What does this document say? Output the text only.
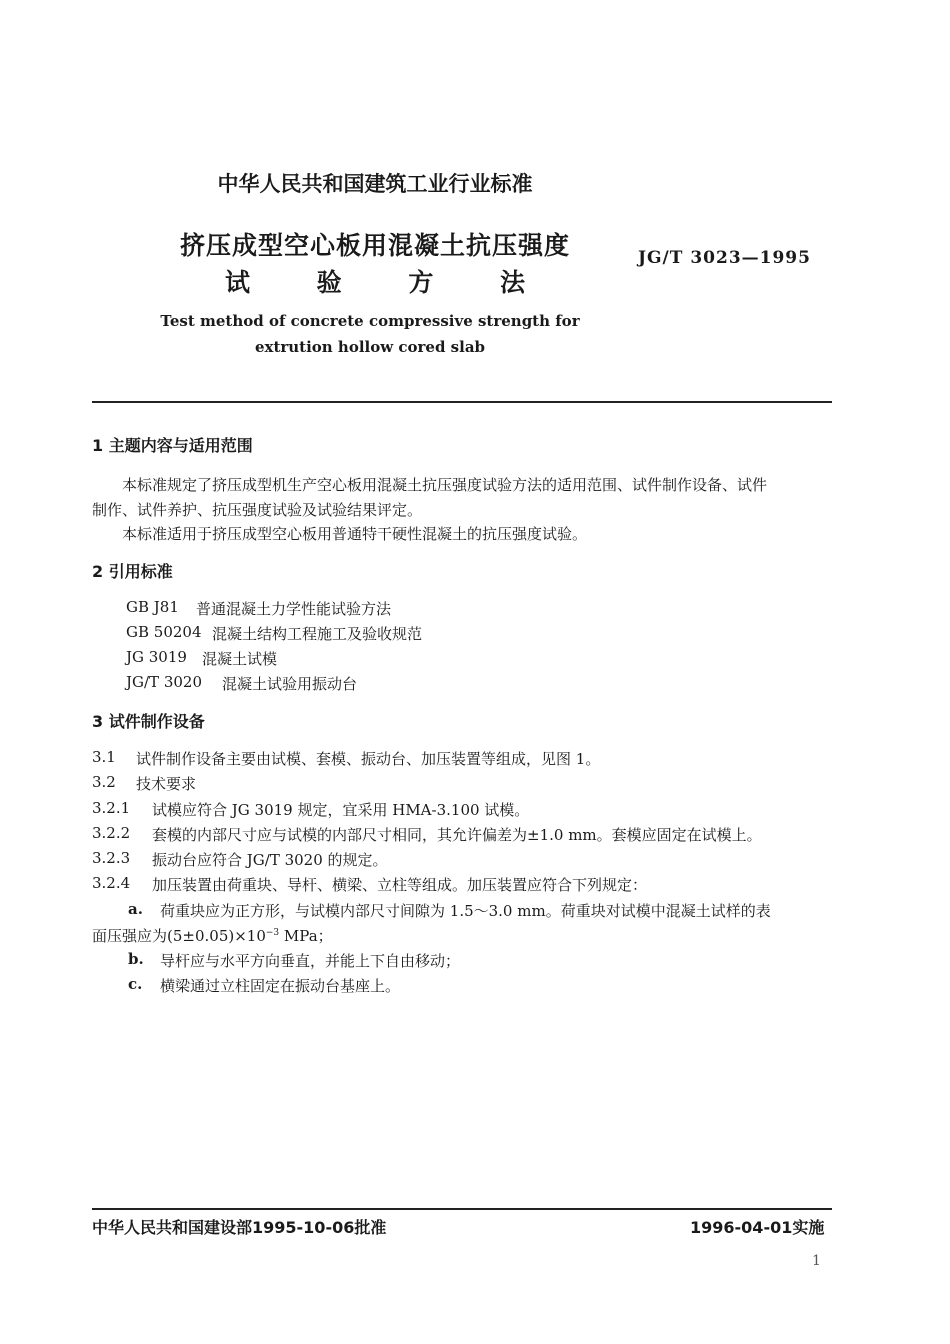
中华人民共和国建筑工业行业标准
挤压成型空心板用混凝土抗压强度
试	验	方	法
JG/T 3023—1995
Test method of concrete compressive strength for
extrution hollow cored slab
1 主题内容与适用范围
本标准规定了挤压成型机生产空心板用混凝土抗压强度试验方法的适用范围、试件制作设备、试件
制作、试件养护、抗压强度试验及试验结果评定。
本标准适用于挤压成型空心板用普通特干硬性混凝土的抗压强度试验。
2 引用标准
GB J81 普通混凝土力学性能试验方法
GB 50204 混凝土结构工程施工及验收规范
JG 3019 混凝土试模
JG/T 3020 混凝土试验用振动台
3 试件制作设备
3.1 试件制作设备主要由试模、套模、振动台、加压装置等组成，见图 1。
3.2 技术要求
3.2.1 试模应符合 JG 3019 规定，宜采用 HMA-3.100 试模。
3.2.2 套模的内部尺寸应与试模的内部尺寸相同，其允许偏差为±1.0 mm。套模应固定在试模上。
3.2.3 振动台应符合 JG/T 3020 的规定。
3.2.4 加压装置由荷重块、导杆、横梁、立柱等组成。加压装置应符合下列规定：
a. 荷重块应为正方形，与试模内部尺寸间隙为 1.5～3.0 mm。荷重块对试模中混凝土试样的表
面压强应为$(5\pm 0.05)\times 10^{-3}$ MPa；
b. 导杆应与水平方向垂直，并能上下自由移动；
c. 横梁通过立柱固定在振动台基座上。
中华人民共和国建设部1995-10-06批准	1996-04-01实施
1
